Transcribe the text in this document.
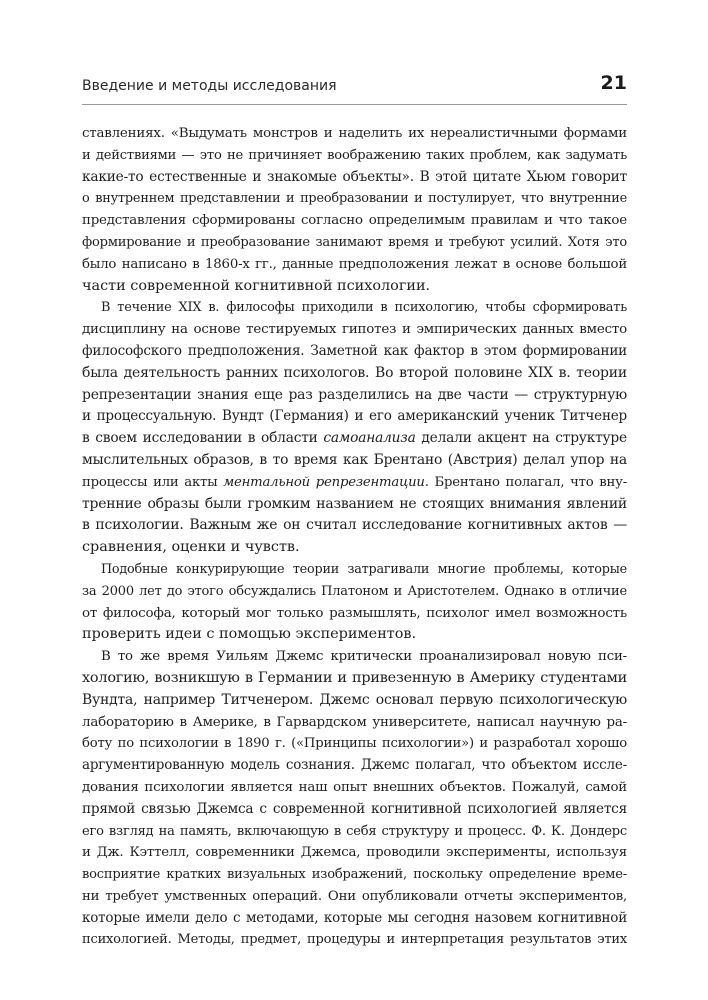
Введение и методы исследования	21

ставлениях. «Выдумать монстров и наделить их нереалистичными формами
и действиями — это не причиняет воображению таких проблем, как задумать
какие-то естественные и знакомые объекты». В этой цитате Хьюм говорит
о внутреннем представлении и преобразовании и постулирует, что внутренние
представления сформированы согласно определимым правилам и что такое
формирование и преобразование занимают время и требуют усилий. Хотя это
было написано в 1860-х гг., данные предположения лежат в основе большой
части современной когнитивной психологии.

В течение XIX в. философы приходили в психологию, чтобы сформировать
дисциплину на основе тестируемых гипотез и эмпирических данных вместо
философского предположения. Заметной как фактор в этом формировании
была деятельность ранних психологов. Во второй половине XIX в. теории
репрезентации знания еще раз разделились на две части — структурную
и процессуальную. Вундт (Германия) и его американский ученик Титченер
в своем исследовании в области самоанализа делали акцент на структуре
мыслительных образов, в то время как Брентано (Австрия) делал упор на
процессы или акты ментальной репрезентации. Брентано полагал, что вну-
тренние образы были громким названием не стоящих внимания явлений
в психологии. Важным же он считал исследование когнитивных актов —
сравнения, оценки и чувств.

Подобные конкурирующие теории затрагивали многие проблемы, которые
за 2000 лет до этого обсуждались Платоном и Аристотелем. Однако в отличие
от философа, который мог только размышлять, психолог имел возможность
проверить идеи с помощью экспериментов.

В то же время Уильям Джемс критически проанализировал новую пси-
хологию, возникшую в Германии и привезенную в Америку студентами
Вундта, например Титченером. Джемс основал первую психологическую
лабораторию в Америке, в Гарвардском университете, написал научную ра-
боту по психологии в 1890 г. («Принципы психологии») и разработал хорошо
аргументированную модель сознания. Джемс полагал, что объектом иссле-
дования психологии является наш опыт внешних объектов. Пожалуй, самой
прямой связью Джемса с современной когнитивной психологией является
его взгляд на память, включающую в себя структуру и процесс. Ф. К. Дондерс
и Дж. Кэттелл, современники Джемса, проводили эксперименты, используя
восприятие кратких визуальных изображений, поскольку определение време-
ни требует умственных операций. Они опубликовали отчеты экспериментов,
которые имели дело с методами, которые мы сегодня назовем когнитивной
психологией. Методы, предмет, процедуры и интерпретация результатов этих
